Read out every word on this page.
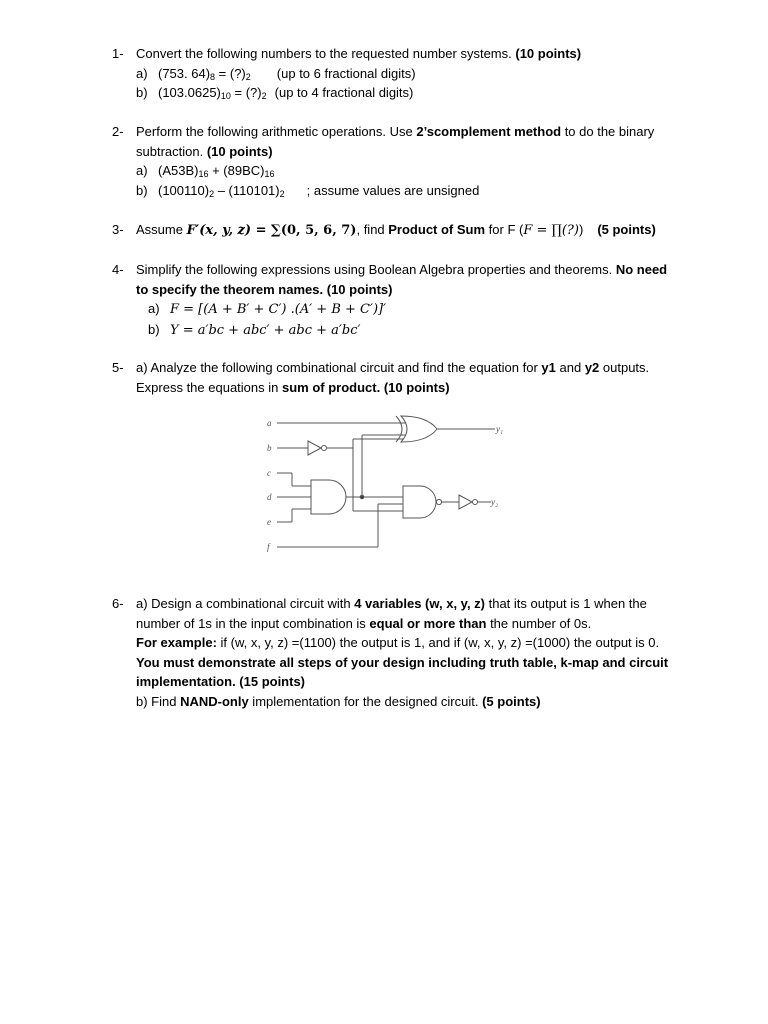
1- Convert the following numbers to the requested number systems. (10 points)
a) (753. $64)_8$ = $(?)_2$ (up to 6 fractional digits)
b) $(103.0625)_{10}$ = $(?)_2$ (up to 4 fractional digits)
2- Perform the following arithmetic operations. Use 2’scomplement method to do the binary
subtraction. (10 points)
a) $(A53B)_{16} + (89BC)_{16}$
b) $(100110)_2 - (110101)_2$ ; assume values are unsigned
3- Assume F′(x, y, z) = ∑(0, 5, 6, 7), find Product of Sum for F (F = ∏(?)) (5 points)
4- Simplify the following expressions using Boolean Algebra properties and theorems. No need
to specify the theorem names. (10 points)
a) F = [(A + B′ + C′) .(A′ + B + C′)]′
b) Y = a′bc + abc′ + abc + a′bc′
5- a) Analyze the following combinational circuit and find the equation for y1 and y2 outputs.
Express the equations in sum of product. (10 points)
a
b
c
d
e
f
y₁
y₂
6- a) Design a combinational circuit with 4 variables (w, x, y, z) that its output is 1 when the
number of 1s in the input combination is equal or more than the number of 0s.
For example: if (w, x, y, z) =(1100) the output is 1, and if (w, x, y, z) =(1000) the output is 0.
You must demonstrate all steps of your design including truth table, k-map and circuit
implementation. (15 points)
b) Find NAND-only implementation for the designed circuit. (5 points)
